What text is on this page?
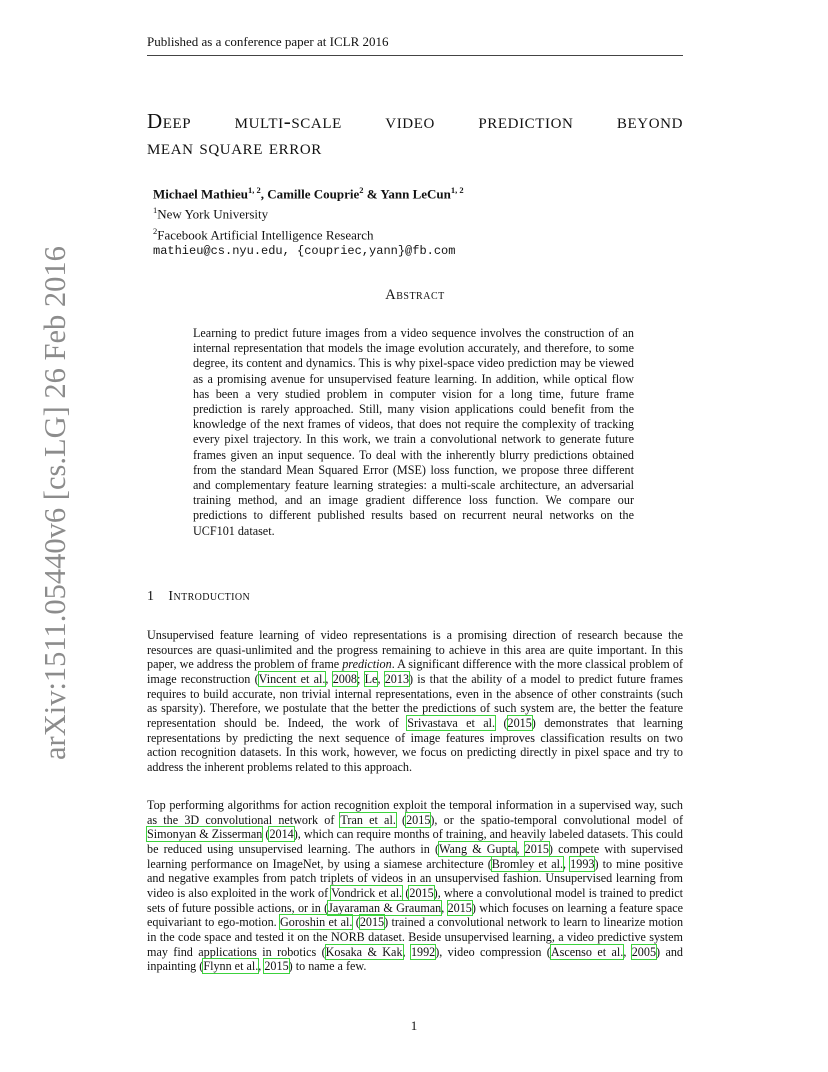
Published as a conference paper at ICLR 2016
arXiv:1511.05440v6 [cs.LG] 26 Feb 2016
Deep multi-scale video prediction beyond
mean square error
Michael Mathieu$^{1, 2}$, Camille Couprie$^2$ & Yann LeCun$^{1, 2}$
$^1$New York University
$^2$Facebook Artificial Intelligence Research
mathieu@cs.nyu.edu, {coupriec,yann}@fb.com
Abstract
Learning to predict future images from a video sequence involves the construction of an internal representation that models the image evolution accurately, and therefore, to some degree, its content and dynamics. This is why pixel-space video prediction may be viewed as a promising avenue for unsupervised feature learning. In addition, while optical flow has been a very studied problem in computer vision for a long time, future frame prediction is rarely approached. Still, many vision applications could benefit from the knowledge of the next frames of videos, that does not require the complexity of tracking every pixel trajectory. In this work, we train a convolutional network to generate future frames given an input sequence. To deal with the inherently blurry predictions obtained from the standard Mean Squared Error (MSE) loss function, we propose three different and complementary feature learning strategies: a multi-scale architecture, an adversarial training method, and an image gradient difference loss function. We compare our predictions to different published results based on recurrent neural networks on the UCF101 dataset.
1 Introduction
Unsupervised feature learning of video representations is a promising direction of research because the resources are quasi-unlimited and the progress remaining to achieve in this area are quite important. In this paper, we address the problem of frame prediction. A significant difference with the more classical problem of image reconstruction (Vincent et al., 2008; Le, 2013) is that the ability of a model to predict future frames requires to build accurate, non trivial internal representations, even in the absence of other constraints (such as sparsity). Therefore, we postulate that the better the predictions of such system are, the better the feature representation should be. Indeed, the work of Srivastava et al. (2015) demonstrates that learning representations by predicting the next sequence of image features improves classification results on two action recognition datasets. In this work, however, we focus on predicting directly in pixel space and try to address the inherent problems related to this approach.
Top performing algorithms for action recognition exploit the temporal information in a supervised way, such as the 3D convolutional network of Tran et al. (2015), or the spatio-temporal convolutional model of Simonyan & Zisserman (2014), which can require months of training, and heavily labeled datasets. This could be reduced using unsupervised learning. The authors in (Wang & Gupta, 2015) compete with supervised learning performance on ImageNet, by using a siamese architecture (Bromley et al., 1993) to mine positive and negative examples from patch triplets of videos in an unsupervised fashion. Unsupervised learning from video is also exploited in the work of Vondrick et al. (2015), where a convolutional model is trained to predict sets of future possible actions, or in (Jayaraman & Grauman, 2015) which focuses on learning a feature space equivariant to ego-motion. Goroshin et al. (2015) trained a convolutional network to learn to linearize motion in the code space and tested it on the NORB dataset. Beside unsupervised learning, a video predictive system may find applications in robotics (Kosaka & Kak, 1992), video compression (Ascenso et al., 2005) and inpainting (Flynn et al., 2015) to name a few.
1
